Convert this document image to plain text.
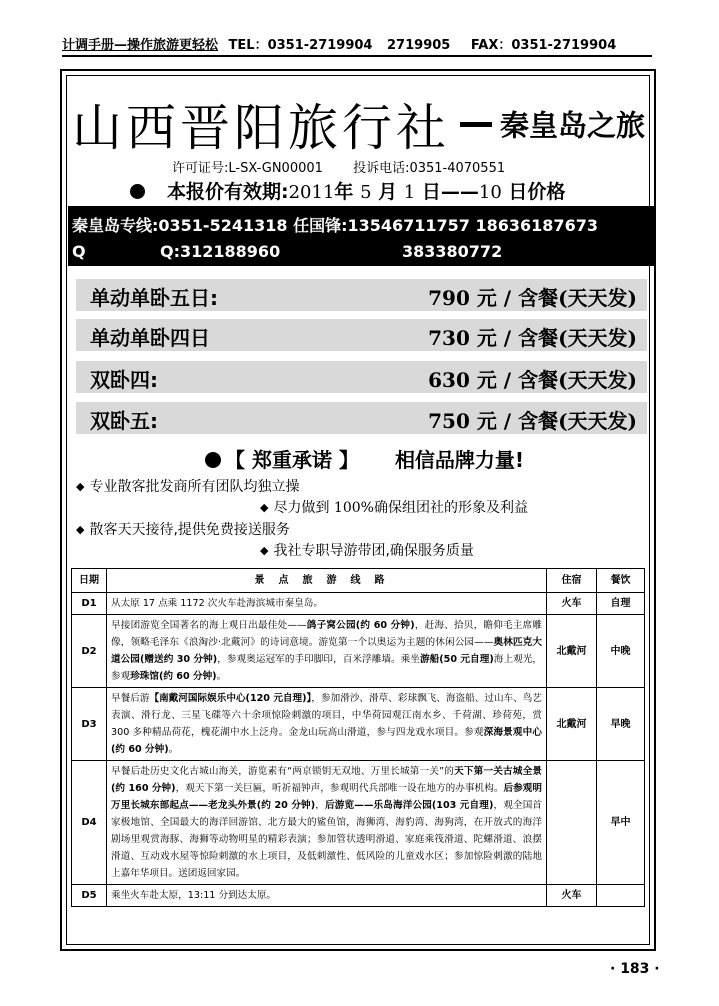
计调手册—操作旅游更轻松 TEL：0351-2719904 2719905 FAX：0351-2719904
山西晋阳旅行社 秦皇岛之旅
许可证号:L-SX-GN00001 投诉电话:0351-4070551
本报价有效期:2011年 5 月 1 日——10 日价格
秦皇岛专线:0351-5241318 任国锋:13546711757 18636187673
Q	Q:312188960	383380772
单动单卧五日:	790 元 / 含餐(天天发)
单动单卧四日	730 元 / 含餐(天天发)
双卧四:	630 元 / 含餐(天天发)
双卧五:	750 元 / 含餐(天天发)
【 郑重承诺 】 相信品牌力量!
◆ 专业散客批发商所有团队均独立操
◆ 尽力做到 100%确保组团社的形象及利益
◆ 散客天天接待,提供免费接送服务
◆ 我社专职导游带团,确保服务质量
日期	景点旅游线路	住宿	餐饮
D1	从太原 17 点乘 1172 次火车赴海滨城市秦皇岛。	火车	自理
D2	早接团游览全国著名的海上观日出最佳处——鸽子窝公园(约 60 分钟)，赶海、拾贝，瞻仰毛主席雕像，领略毛泽东《浪淘沙·北戴河》的诗词意境。游览第一个以奥运为主题的休闲公园——奥林匹克大道公园(赠送约 30 分钟)，参观奥运冠军的手印脚印，百米浮雕墙。乘坐游船(50 元自理)海上观光，参观珍珠馆(约 60 分钟)。	北戴河	中晚
D3	早餐后游【南戴河国际娱乐中心(120 元自理)】，参加滑沙、滑草、彩球飘飞、海盗船、过山车、鸟艺表演、滑行龙、三星飞碟等六十余项惊险刺激的项目，中华荷园观江南水乡、千荷湖、珍荷苑，赏 300 多种精品荷花，槐花湖中水上泛舟。金龙山玩高山滑道，参与四龙戏水项目。参观深海景观中心(约 60 分钟)。	北戴河	早晚
D4	早餐后赴历史文化古城山海关，游览素有“两京锁钥无双地、万里长城第一关”的天下第一关古城全景(约 160 分钟)，观天下第一关巨匾，听祈福钟声，参观明代兵部唯一设在地方的办事机构。后参观明万里长城东部起点——老龙头外景(约 20 分钟)，后游览——乐岛海洋公园(103 元自理)，观全国首家极地馆、全国最大的海洋回游馆、北方最大的鲨鱼馆，海狮湾、海豹湾、海狗湾，在开放式的海洋剧场里观赏海豚、海狮等动物明星的精彩表演；参加管状透明滑道、家庭乘筏滑道、陀螺滑道、浪摆滑道、互动戏水屋等惊险刺激的水上项目，及低刺激性、低风险的儿童戏水区；参加惊险刺激的陆地上嘉年华项目。送团返回家园。		早中
D5	乘坐火车赴太原，13:11 分到达太原。	火车	
· 183 ·
